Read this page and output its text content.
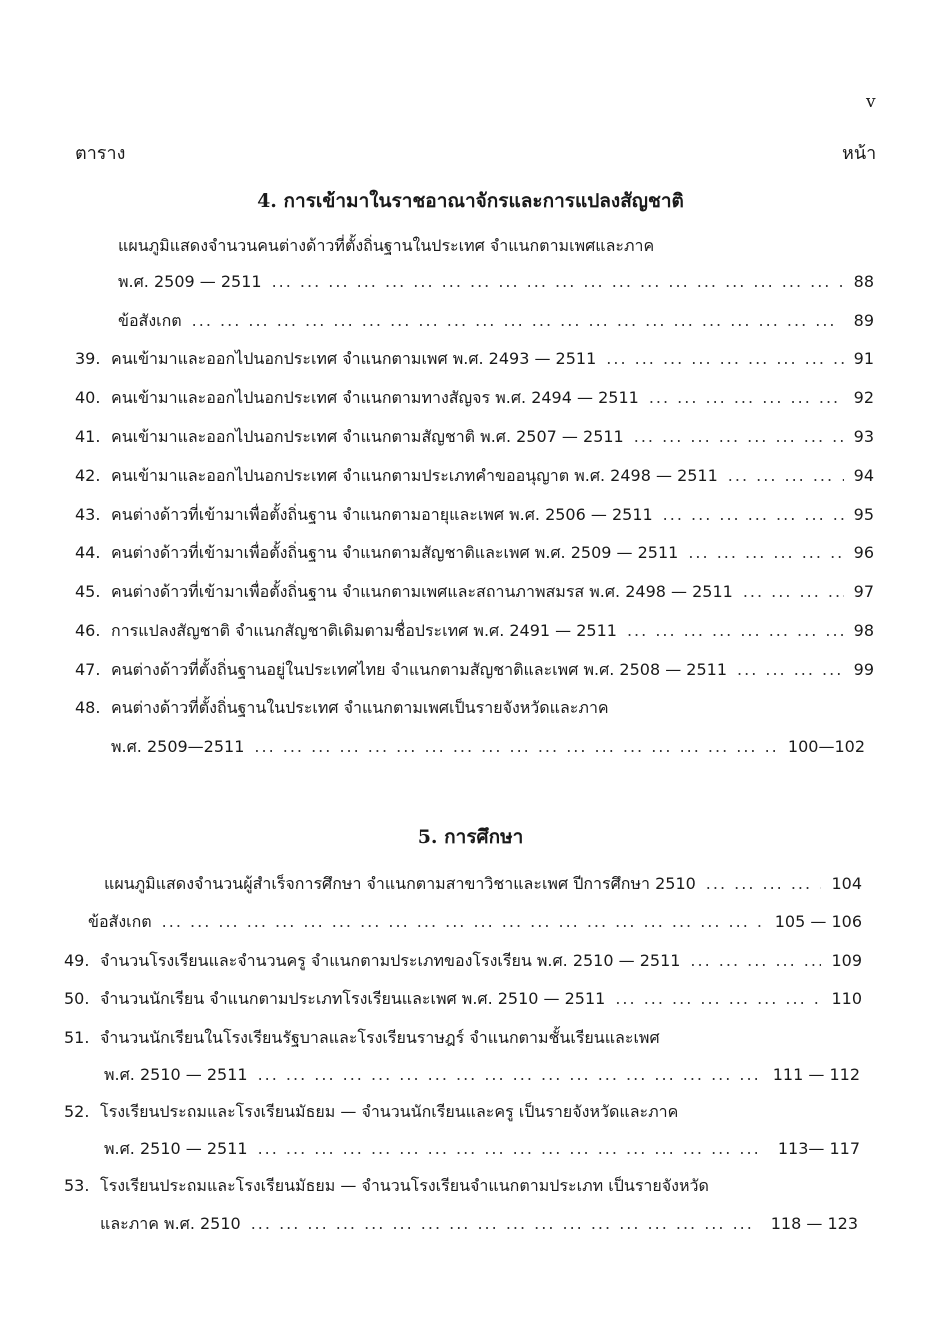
v
ตาราง	หน้า
4. การเข้ามาในราชอาณาจักรและการแปลงสัญชาติ
แผนภูมิแสดงจำนวนคนต่างด้าวที่ตั้งถิ่นฐานในประเทศ จำแนกตามเพศและภาค
พ.ศ. 2509 — 2511 ... .	88
ข้อสังเกต ... .	89
39. คนเข้ามาและออกไปนอกประเทศ จำแนกตามเพศ พ.ศ. 2493 — 2511 ... .	91
40. คนเข้ามาและออกไปนอกประเทศ จำแนกตามทางสัญจร พ.ศ. 2494 — 2511 ... .	92
41. คนเข้ามาและออกไปนอกประเทศ จำแนกตามสัญชาติ พ.ศ. 2507 — 2511 ... .	93
42. คนเข้ามาและออกไปนอกประเทศ จำแนกตามประเภทคำขออนุญาต พ.ศ. 2498 — 2511 ... .	94
43. คนต่างด้าวที่เข้ามาเพื่อตั้งถิ่นฐาน จำแนกตามอายุและเพศ พ.ศ. 2506 — 2511 ... .	95
44. คนต่างด้าวที่เข้ามาเพื่อตั้งถิ่นฐาน จำแนกตามสัญชาติและเพศ พ.ศ. 2509 — 2511 ... .	96
45. คนต่างด้าวที่เข้ามาเพื่อตั้งถิ่นฐาน จำแนกตามเพศและสถานภาพสมรส พ.ศ. 2498 — 2511 ... .	97
46. การแปลงสัญชาติ จำแนกสัญชาติเดิมตามชื่อประเทศ พ.ศ. 2491 — 2511 ... .	98
47. คนต่างด้าวที่ตั้งถิ่นฐานอยู่ในประเทศไทย จำแนกตามสัญชาติและเพศ พ.ศ. 2508 — 2511 ... .	99
48. คนต่างด้าวที่ตั้งถิ่นฐานในประเทศ จำแนกตามเพศเป็นรายจังหวัดและภาค
พ.ศ. 2509—2511 ... .	100—102
5. การศึกษา
แผนภูมิแสดงจำนวนผู้สำเร็จการศึกษา จำแนกตามสาขาวิชาและเพศ ปีการศึกษา 2510 ... .	104
ข้อสังเกต ... .	105 — 106
49. จำนวนโรงเรียนและจำนวนครู จำแนกตามประเภทของโรงเรียน พ.ศ. 2510 — 2511 ... .	109
50. จำนวนนักเรียน จำแนกตามประเภทโรงเรียนและเพศ พ.ศ. 2510 — 2511 ... .	110
51. จำนวนนักเรียนในโรงเรียนรัฐบาลและโรงเรียนราษฎร์ จำแนกตามชั้นเรียนและเพศ
พ.ศ. 2510 — 2511 ... .	111 — 112
52. โรงเรียนประถมและโรงเรียนมัธยม — จำนวนนักเรียนและครู เป็นรายจังหวัดและภาค
พ.ศ. 2510 — 2511 ... .	113— 117
53. โรงเรียนประถมและโรงเรียนมัธยม — จำนวนโรงเรียนจำแนกตามประเภท เป็นรายจังหวัด
และภาค พ.ศ. 2510 ... .	118 — 123
